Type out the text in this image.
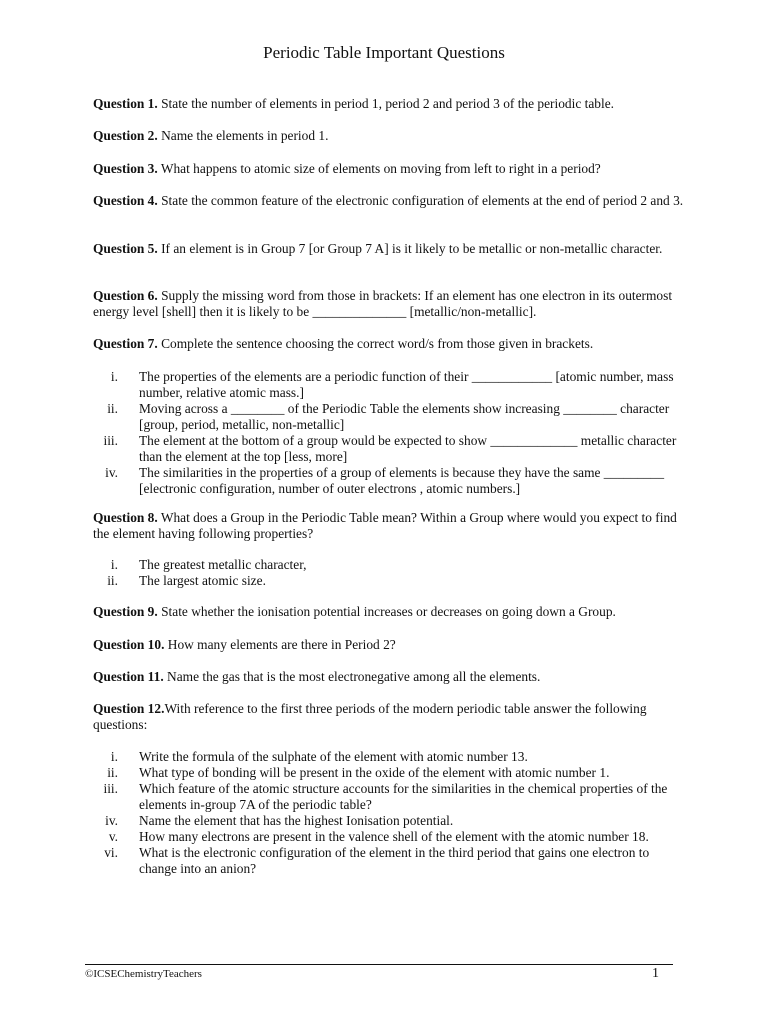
Periodic Table Important Questions
Question 1. State the number of elements in period 1, period 2 and period 3 of the periodic table.
Question 2. Name the elements in period 1.
Question 3. What happens to atomic size of elements on moving from left to right in a period?
Question 4. State the common feature of the electronic configuration of elements at the end of period 2 and 3.
Question 5. If an element is in Group 7 [or Group 7 A] is it likely to be metallic or non-metallic character.
Question 6. Supply the missing word from those in brackets: If an element has one electron in its outermost energy level [shell] then it is likely to be ______________ [metallic/non-metallic].
Question 7. Complete the sentence choosing the correct word/s from those given in brackets.
i. The properties of the elements are a periodic function of their ____________ [atomic number, mass number, relative atomic mass.]
ii. Moving across a ________ of the Periodic Table the elements show increasing ________ character [group, period, metallic, non-metallic]
iii. The element at the bottom of a group would be expected to show _____________ metallic character than the element at the top [less, more]
iv. The similarities in the properties of a group of elements is because they have the same _________ [electronic configuration, number of outer electrons , atomic numbers.]
Question 8. What does a Group in the Periodic Table mean? Within a Group where would you expect to find the element having following properties?
i. The greatest metallic character,
ii. The largest atomic size.
Question 9. State whether the ionisation potential increases or decreases on going down a Group.
Question 10. How many elements are there in Period 2?
Question 11. Name the gas that is the most electronegative among all the elements.
Question 12.With reference to the first three periods of the modern periodic table answer the following questions:
i. Write the formula of the sulphate of the element with atomic number 13.
ii. What type of bonding will be present in the oxide of the element with atomic number 1.
iii. Which feature of the atomic structure accounts for the similarities in the chemical properties of the elements in-group 7A of the periodic table?
iv. Name the element that has the highest Ionisation potential.
v. How many electrons are present in the valence shell of the element with the atomic number 18.
vi. What is the electronic configuration of the element in the third period that gains one electron to change into an anion?
©ICSEChemistryTeachers	1
